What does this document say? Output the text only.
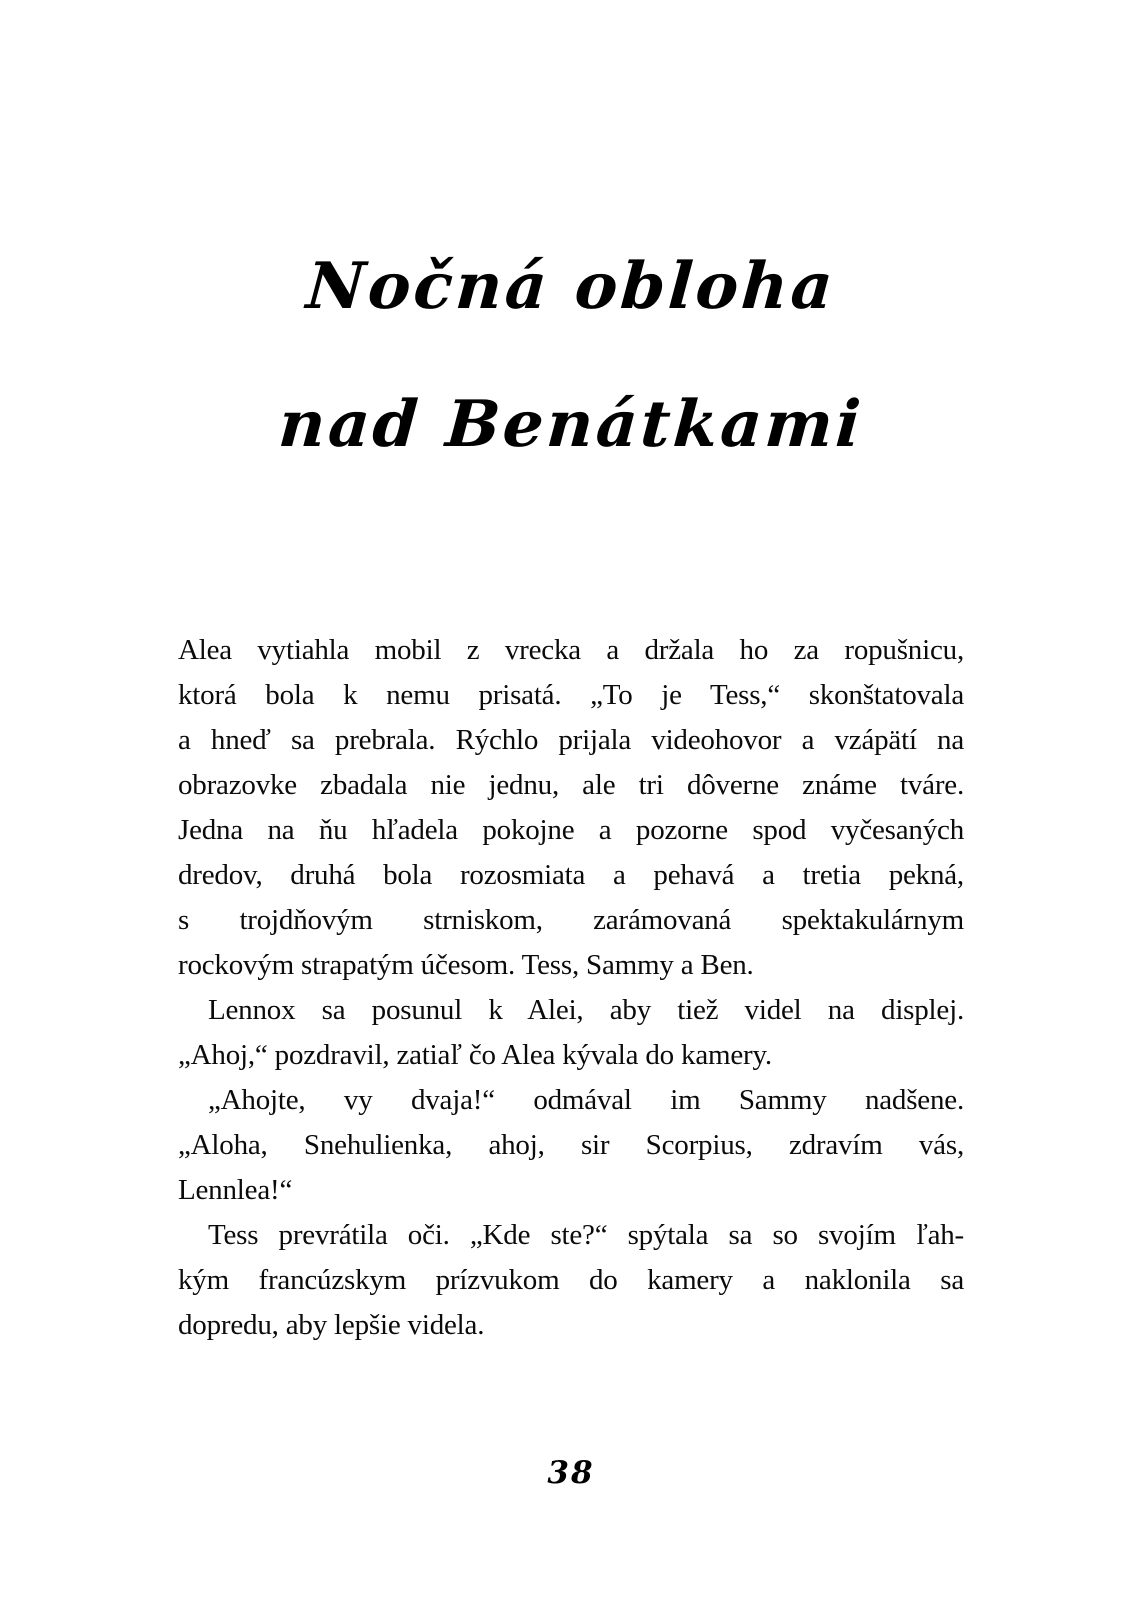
Nočná obloha
nad Benátkami
Alea vytiahla mobil z vrecka a držala ho za ropušnicu,
ktorá bola k nemu prisatá. „To je Tess,“ skonštatovala
a hneď sa prebrala. Rýchlo prijala videohovor a vzápätí na
obrazovke zbadala nie jednu, ale tri dôverne známe tváre.
Jedna na ňu hľadela pokojne a pozorne spod vyčesaných
dredov, druhá bola rozosmiata a pehavá a tretia pekná,
s trojdňovým strniskom, zarámovaná spektakulárnym
rockovým strapatým účesom. Tess, Sammy a Ben.
Lennox sa posunul k Alei, aby tiež videl na displej.
„Ahoj,“ pozdravil, zatiaľ čo Alea kývala do kamery.
„Ahojte, vy dvaja!“ odmával im Sammy nadšene.
„Aloha, Snehulienka, ahoj, sir Scorpius, zdravím vás,
Lennlea!“
Tess prevrátila oči. „Kde ste?“ spýtala sa so svojím ľah-
kým francúzskym prízvukom do kamery a naklonila sa
dopredu, aby lepšie videla.
38
